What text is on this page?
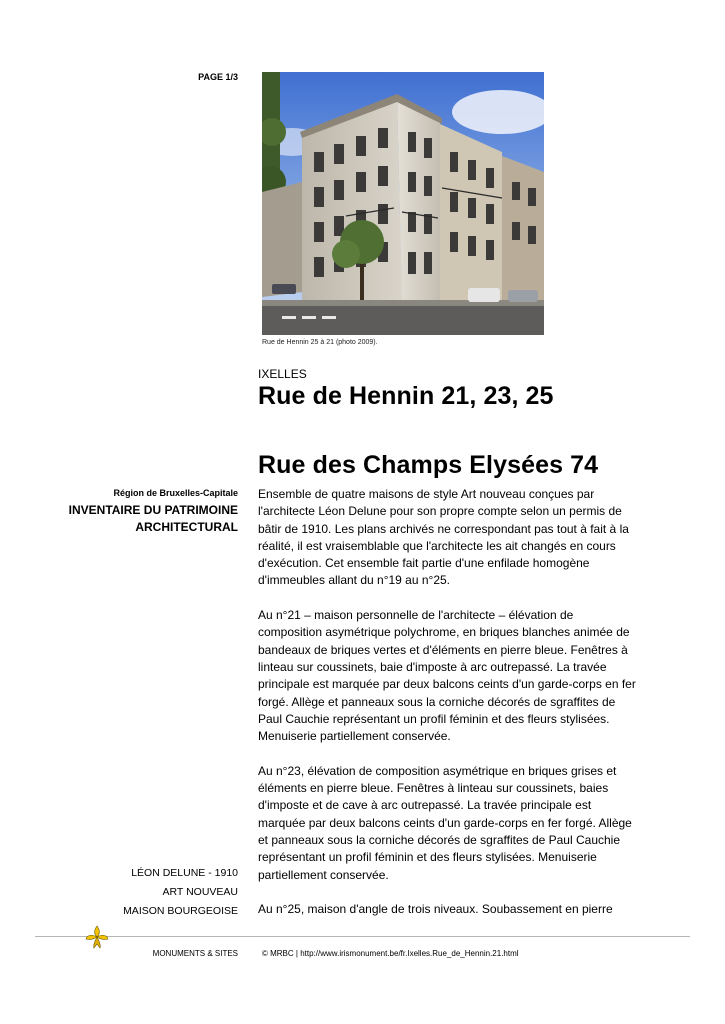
PAGE 1/3
Rue de Hennin 25 à 21 (photo 2009).
IXELLES
Rue de Hennin 21, 23, 25
Rue des Champs Elysées 74
Région de Bruxelles-Capitale
INVENTAIRE DU PATRIMOINE
ARCHITECTURAL

Ensemble de quatre maisons de style Art nouveau conçues par l'architecte Léon Delune pour son propre compte selon un permis de bâtir de 1910. Les plans archivés ne correspondant pas tout à fait à la réalité, il est vraisemblable que l'architecte les ait changés en cours d'exécution. Cet ensemble fait partie d'une enfilade homogène d'immeubles allant du n°19 au n°25.

Au n°21 – maison personnelle de l'architecte – élévation de composition asymétrique polychrome, en briques blanches animée de bandeaux de briques vertes et d'éléments en pierre bleue. Fenêtres à linteau sur coussinets, baie d'imposte à arc outrepassé. La travée principale est marquée par deux balcons ceints d'un garde-corps en fer forgé. Allège et panneaux sous la corniche décorés de sgraffites de Paul Cauchie représentant un profil féminin et des fleurs stylisées. Menuiserie partiellement conservée.

Au n°23, élévation de composition asymétrique en briques grises et éléments en pierre bleue. Fenêtres à linteau sur coussinets, baies d'imposte et de cave à arc outrepassé. La travée principale est marquée par deux balcons ceints d'un garde-corps en fer forgé. Allège et panneaux sous la corniche décorés de sgraffites de Paul Cauchie représentant un profil féminin et des fleurs stylisées. Menuiserie partiellement conservée.

Au n°25, maison d'angle de trois niveaux. Soubassement en pierre

LÉON DELUNE - 1910
ART NOUVEAU
MAISON BOURGEOISE
MONUMENTS & SITES	© MRBC | http://www.irismonument.be/fr.Ixelles.Rue_de_Hennin.21.html
